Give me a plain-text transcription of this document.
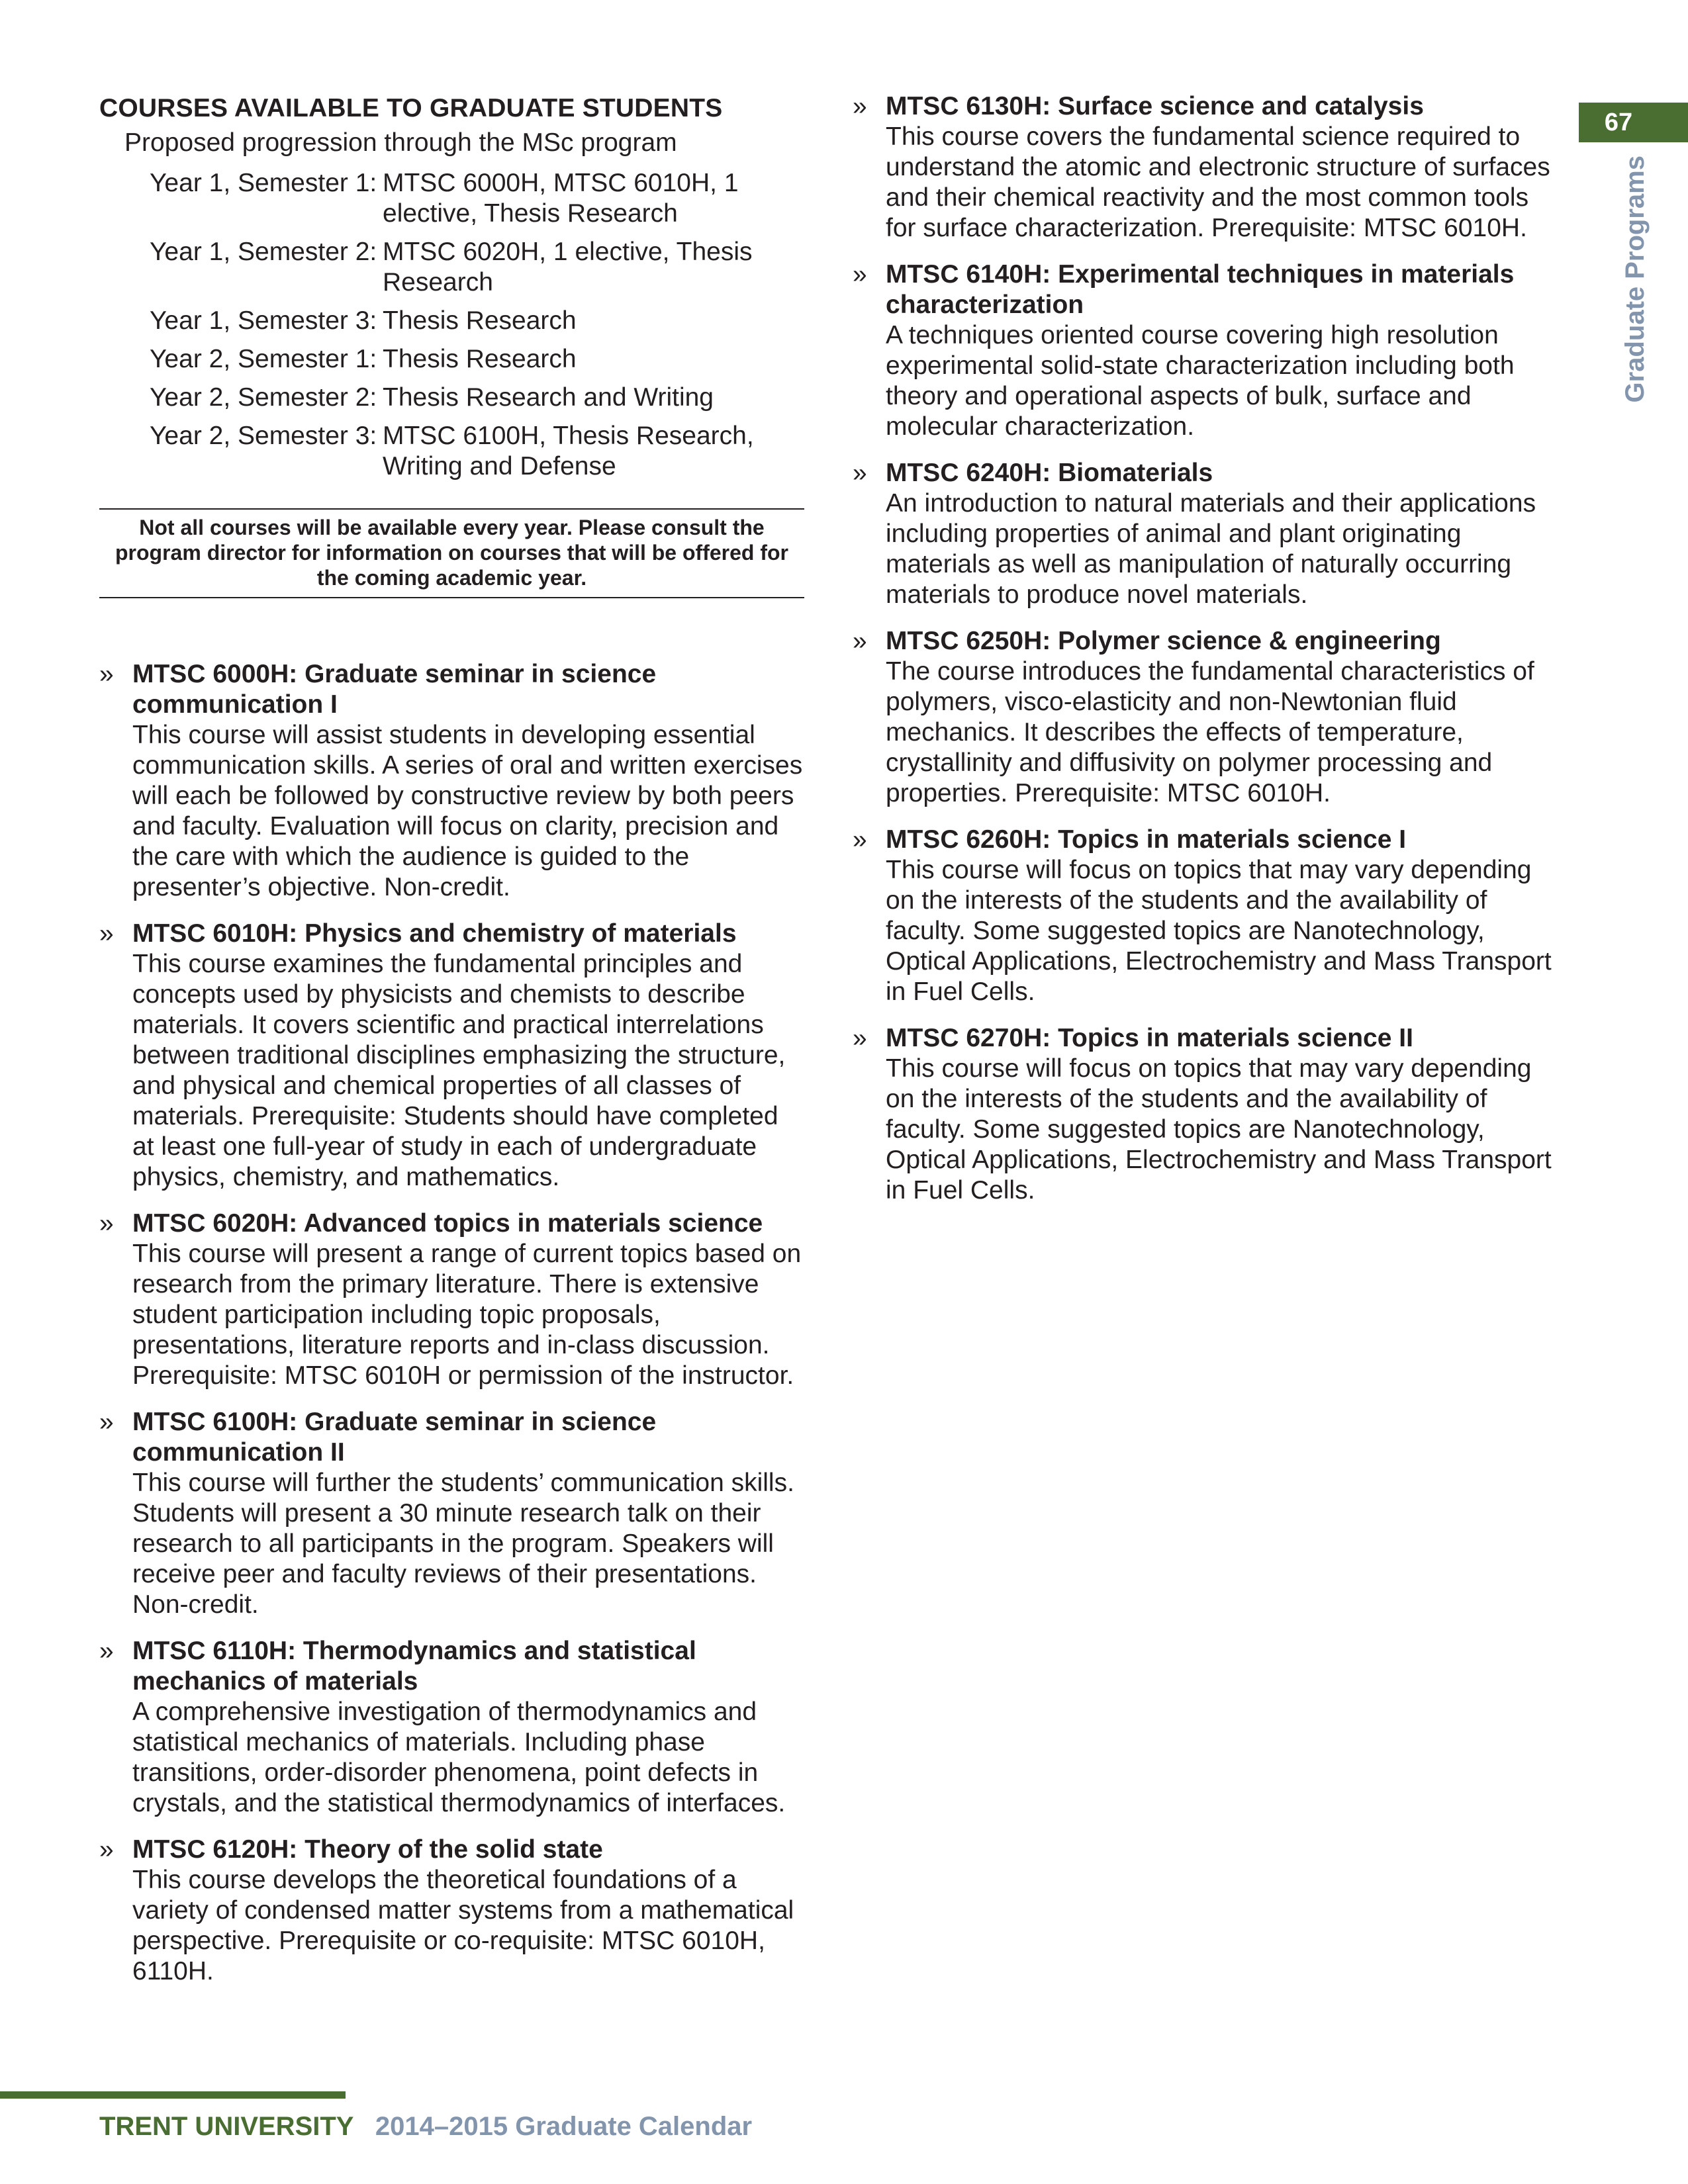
COURSES AVAILABLE TO GRADUATE STUDENTS
Proposed progression through the MSc program
Year 1, Semester 1: MTSC 6000H, MTSC 6010H, 1 elective, Thesis Research
Year 1, Semester 2: MTSC 6020H, 1 elective, Thesis Research
Year 1, Semester 3: Thesis Research
Year 2, Semester 1: Thesis Research
Year 2, Semester 2: Thesis Research and Writing
Year 2, Semester 3: MTSC 6100H, Thesis Research, Writing and Defense
Not all courses will be available every year. Please consult the program director for information on courses that will be offered for the coming academic year.
» MTSC 6000H: Graduate seminar in science communication I
This course will assist students in developing essential communication skills. A series of oral and written exercises will each be followed by constructive review by both peers and faculty. Evaluation will focus on clarity, precision and the care with which the audience is guided to the presenter’s objective. Non-credit.
» MTSC 6010H: Physics and chemistry of materials
This course examines the fundamental principles and concepts used by physicists and chemists to describe materials. It covers scientific and practical interrelations between traditional disciplines emphasizing the structure, and physical and chemical properties of all classes of materials. Prerequisite: Students should have completed at least one full-year of study in each of undergraduate physics, chemistry, and mathematics.
» MTSC 6020H: Advanced topics in materials science
This course will present a range of current topics based on research from the primary literature. There is extensive student participation including topic proposals, presentations, literature reports and in-class discussion. Prerequisite: MTSC 6010H or permission of the instructor.
» MTSC 6100H: Graduate seminar in science communication II
This course will further the students’ communication skills. Students will present a 30 minute research talk on their research to all participants in the program. Speakers will receive peer and faculty reviews of their presentations. Non-credit.
» MTSC 6110H: Thermodynamics and statistical mechanics of materials
A comprehensive investigation of thermodynamics and statistical mechanics of materials. Including phase transitions, order-disorder phenomena, point defects in crystals, and the statistical thermodynamics of interfaces.
» MTSC 6120H: Theory of the solid state
This course develops the theoretical foundations of a variety of condensed matter systems from a mathematical perspective. Prerequisite or co-requisite: MTSC 6010H, 6110H.
» MTSC 6130H: Surface science and catalysis
This course covers the fundamental science required to understand the atomic and electronic structure of surfaces and their chemical reactivity and the most common tools for surface characterization. Prerequisite: MTSC 6010H.
» MTSC 6140H: Experimental techniques in materials characterization
A techniques oriented course covering high resolution experimental solid-state characterization including both theory and operational aspects of bulk, surface and molecular characterization.
» MTSC 6240H: Biomaterials
An introduction to natural materials and their applications including properties of animal and plant originating materials as well as manipulation of naturally occurring materials to produce novel materials.
» MTSC 6250H: Polymer science & engineering
The course introduces the fundamental characteristics of polymers, visco-elasticity and non-Newtonian fluid mechanics. It describes the effects of temperature, crystallinity and diffusivity on polymer processing and properties. Prerequisite: MTSC 6010H.
» MTSC 6260H: Topics in materials science I
This course will focus on topics that may vary depending on the interests of the students and the availability of faculty. Some suggested topics are Nanotechnology, Optical Applications, Electrochemistry and Mass Transport in Fuel Cells.
» MTSC 6270H: Topics in materials science II
This course will focus on topics that may vary depending on the interests of the students and the availability of faculty. Some suggested topics are Nanotechnology, Optical Applications, Electrochemistry and Mass Transport in Fuel Cells.
67
Graduate Programs
TRENT UNIVERSITY 2014–2015 Graduate Calendar
